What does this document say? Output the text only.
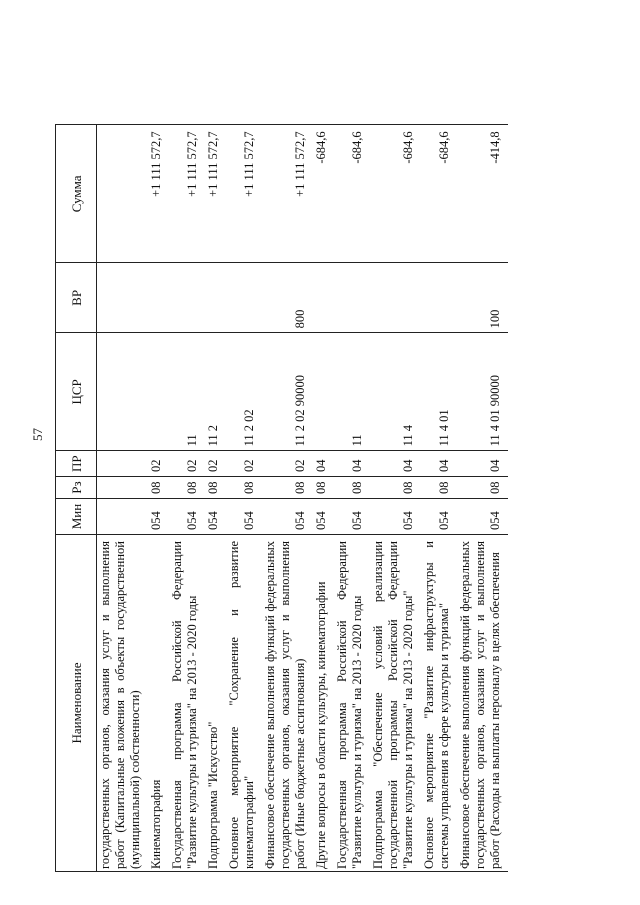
57
Наименование	Мин	Рз	ПР	ЦСР	ВР	Сумма
государственных органов, оказания услуг и выполнения работ (Капитальные вложения в объекты государственной (муниципальной) собственности)						
Кинематография	054	08	02			+1 111 572,7
Государственная программа Российской Федерации "Развитие культуры и туризма" на 2013 - 2020 годы	054	08	02	11		+1 111 572,7
Подпрограмма "Искусство"	054	08	02	11 2		+1 111 572,7
Основное мероприятие "Сохранение и развитие кинематографии"	054	08	02	11 2 02		+1 111 572,7
Финансовое обеспечение выполнения функций федеральных государственных органов, оказания услуг и выполнения работ (Иные бюджетные ассигнования)	054	08	02	11 2 02 90000	800	+1 111 572,7
Другие вопросы в области культуры, кинематографии	054	08	04			-684,6
Государственная программа Российской Федерации "Развитие культуры и туризма" на 2013 - 2020 годы	054	08	04	11		-684,6
Подпрограмма "Обеспечение условий реализации государственной программы Российской Федерации "Развитие культуры и туризма" на 2013 - 2020 годы"	054	08	04	11 4		-684,6
Основное мероприятие "Развитие инфраструктуры и системы управления в сфере культуры и туризма"	054	08	04	11 4 01		-684,6
Финансовое обеспечение выполнения функций федеральных государственных органов, оказания услуг и выполнения работ (Расходы на выплаты персоналу в целях обеспечения	054	08	04	11 4 01 90000	100	-414,8
